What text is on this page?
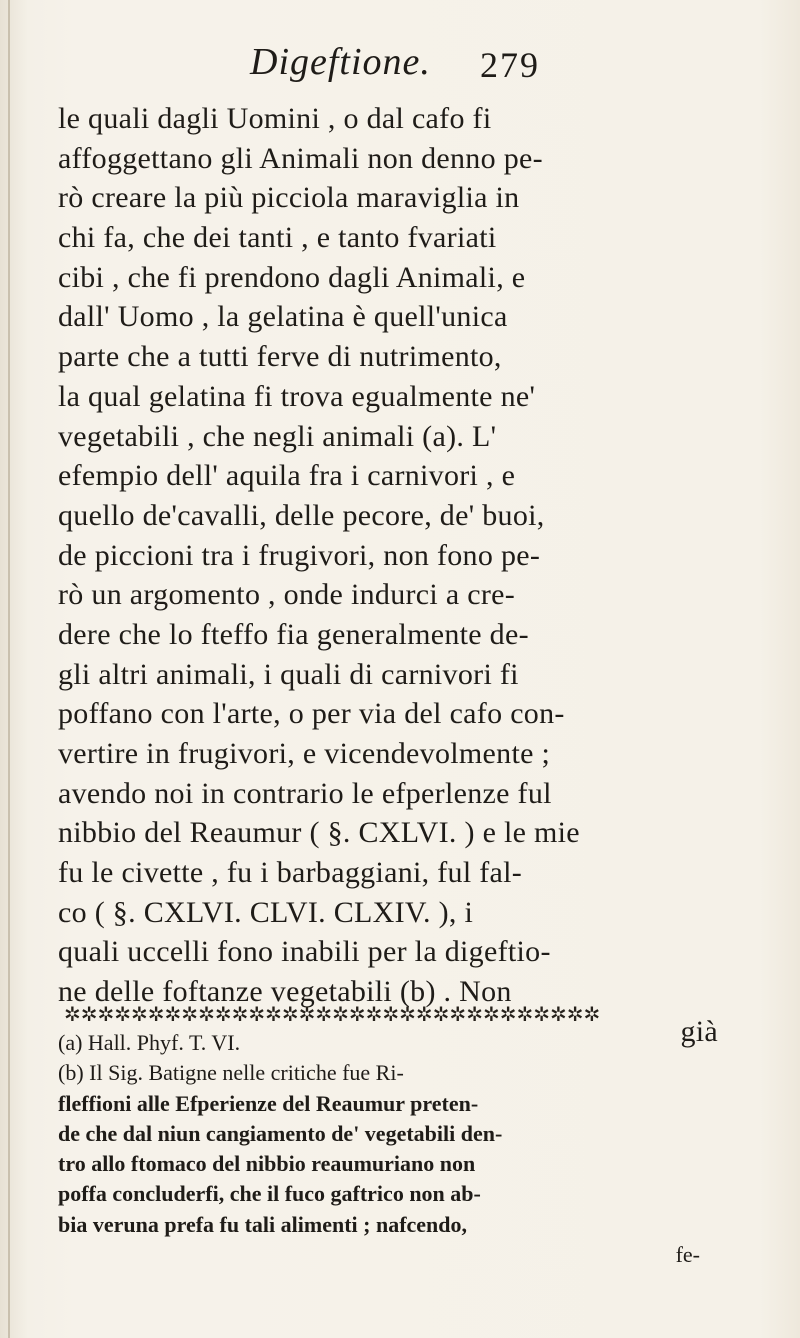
Digeftione. 279
le quali dagli Uomini , o dal cafo fi
affoggettano gli Animali non denno pe-
rò creare la più picciola maraviglia in
chi fa, che dei tanti , e tanto fvariati
cibi , che fi prendono dagli Animali, e
dall' Uomo , la gelatina è quell'unica
parte che a tutti ferve di nutrimento,
la qual gelatina fi trova egualmente ne'
vegetabili , che negli animali (a). L'
efempio dell' aquila fra i carnivori , e
quello de'cavalli, delle pecore, de' buoi,
de piccioni tra i frugivori, non fono pe-
rò un argomento , onde indurci a cre-
dere che lo fteffo fia generalmente de-
gli altri animali, i quali di carnivori fi
poffano con l'arte, o per via del cafo con-
vertire in frugivori, e vicendevolmente ;
avendo noi in contrario le efperlenze ful
nibbio del Reaumur ( §. CXLVI. ) e le mie
fu le civette , fu i barbaggiani, ful fal-
co ( §. CXLVI. CLVI. CLXIV. ), i
quali uccelli fono inabili per la digeftio-
ne delle foftanze vegetabili (b) . Non
già
✲✲✲✲✲✲✲✲✲✲✲✲✲✲✲✲✲✲✲✲✲✲✲✲✲✲✲✲✲✲✲✲
(a) Hall. Phyf. T. VI.
(b) Il Sig. Batigne nelle critiche fue Ri-
fleffioni alle Efperienze del Reaumur preten-
de che dal niun cangiamento de' vegetabili den-
tro allo ftomaco del nibbio reaumuriano non
poffa concluderfi, che il fuco gaftrico non ab-
bia veruna prefa fu tali alimenti ; nafcendo,
fe-
